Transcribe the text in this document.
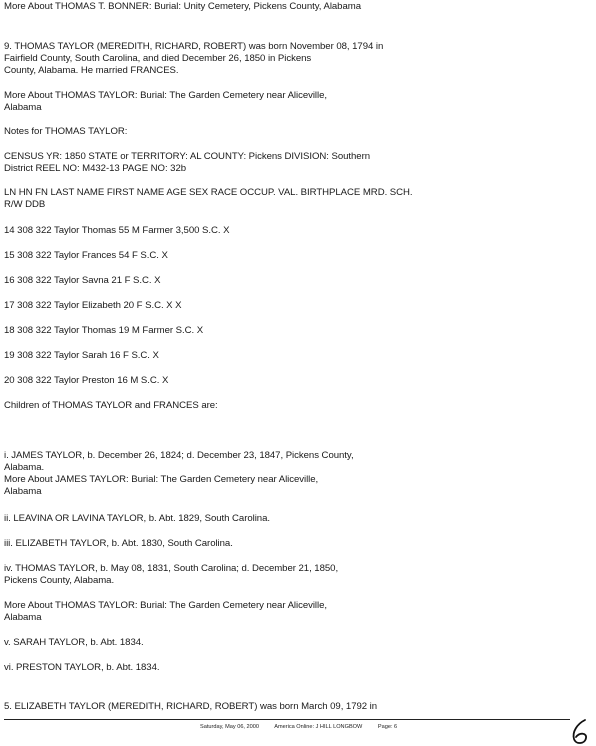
More About THOMAS T. BONNER: Burial: Unity Cemetery, Pickens County, Alabama

9. THOMAS TAYLOR (MEREDITH, RICHARD, ROBERT) was born November 08, 1794 in

Fairfield County, South Carolina, and died December 26, 1850 in Pickens

County, Alabama. He married FRANCES.

More About THOMAS TAYLOR: Burial: The Garden Cemetery near Aliceville,

Alabama

Notes for THOMAS TAYLOR:

CENSUS YR: 1850 STATE or TERRITORY: AL COUNTY: Pickens DIVISION: Southern

District REEL NO: M432-13 PAGE NO: 32b

LN HN FN LAST NAME FIRST NAME AGE SEX RACE OCCUP. VAL. BIRTHPLACE MRD. SCH.

R/W DDB

14 308 322 Taylor Thomas 55 M Farmer 3,500 S.C. X

15 308 322 Taylor Frances 54 F S.C. X

16 308 322 Taylor Savna 21 F S.C. X

17 308 322 Taylor Elizabeth 20 F S.C. X X

18 308 322 Taylor Thomas 19 M Farmer S.C. X

19 308 322 Taylor Sarah 16 F S.C. X

20 308 322 Taylor Preston 16 M S.C. X

Children of THOMAS TAYLOR and FRANCES are:

i. JAMES TAYLOR, b. December 26, 1824; d. December 23, 1847, Pickens County,

Alabama.

More About JAMES TAYLOR: Burial: The Garden Cemetery near Aliceville,

Alabama

ii. LEAVINA OR LAVINA TAYLOR, b. Abt. 1829, South Carolina.

iii. ELIZABETH TAYLOR, b. Abt. 1830, South Carolina.

iv. THOMAS TAYLOR, b. May 08, 1831, South Carolina; d. December 21, 1850,

Pickens County, Alabama.

More About THOMAS TAYLOR: Burial: The Garden Cemetery near Aliceville,

Alabama

v. SARAH TAYLOR, b. Abt. 1834.

vi. PRESTON TAYLOR, b. Abt. 1834.

5. ELIZABETH TAYLOR (MEREDITH, RICHARD, ROBERT) was born March 09, 1792 in

Saturday, May 06, 2000	America Online: J HILL LONGBOW	Page: 6
